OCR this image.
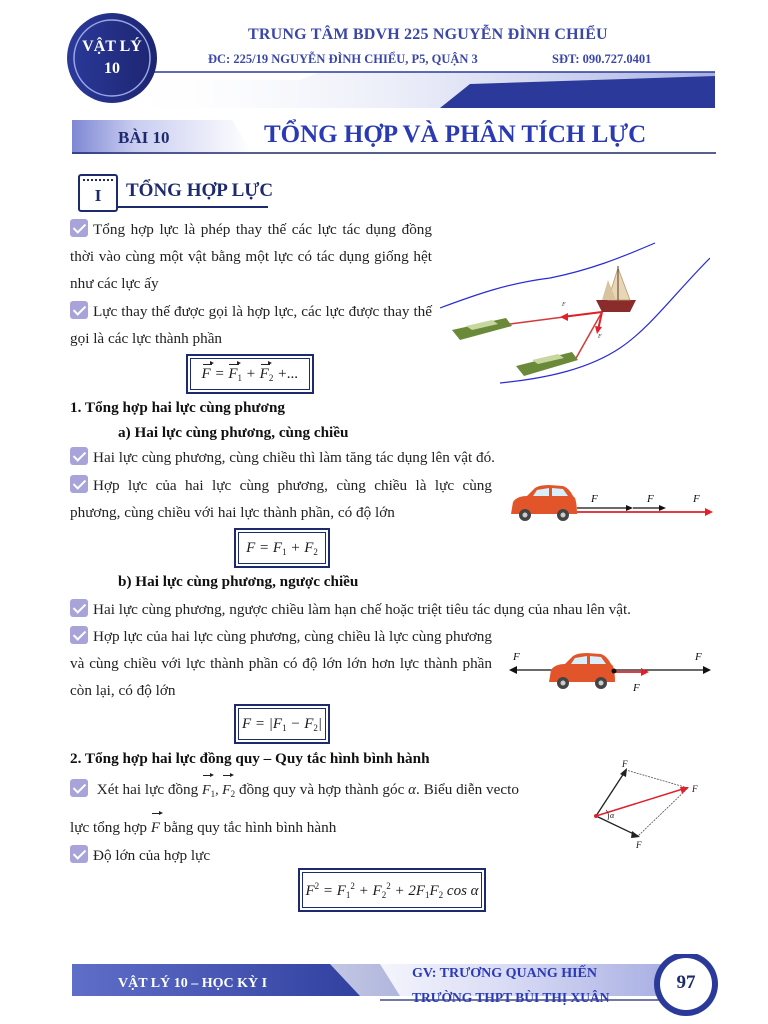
VẬT LÝ
10
TRUNG TÂM BDVH 225 NGUYỄN ĐÌNH CHIỂU
ĐC: 225/19 NGUYỄN ĐÌNH CHIỂU, P5, QUẬN 3	SĐT: 090.727.0401
BÀI 10	TỔNG HỢP VÀ PHÂN TÍCH LỰC
I	TỔNG HỢP LỰC
Tổng hợp lực là phép thay thế các lực tác dụng đồng thời vào cùng một vật bằng một lực có tác dụng giống hệt như các lực ấy
Lực thay thế được gọi là hợp lực, các lực được thay thế gọi là các lực thành phần
$F = F_1 + F_2$ +...
F
F
1. Tổng hợp hai lực cùng phương
a) Hai lực cùng phương, cùng chiều
Hai lực cùng phương, cùng chiều thì làm tăng tác dụng lên vật đó.
Hợp lực của hai lực cùng phương, cùng chiều là lực cùng phương, cùng chiều với hai lực thành phần, có độ lớn
$F = F_1 + F_2$
F	F	F
b) Hai lực cùng phương, ngược chiều
Hai lực cùng phương, ngược chiều làm hạn chế hoặc triệt tiêu tác dụng của nhau lên vật.
Hợp lực của hai lực cùng phương, cùng chiều là lực cùng phương và cùng chiều với lực thành phần có độ lớn lớn hơn lực thành phần còn lại, có độ lớn
$F = |F_1 - F_2|$
F	F
F
2. Tổng hợp hai lực đồng quy – Quy tắc hình bình hành
Xét hai lực đồng $F_1$, $F_2$ đồng quy và hợp thành góc α. Biểu diễn vecto
lực tổng hợp F bằng quy tắc hình bình hành
Độ lớn của hợp lực
$F^2 = F_1^2 + F_2^2 + 2F_1F_2$ cos α
F
F
F
α
VẬT LÝ 10 – HỌC KỲ I
GV: TRƯƠNG QUANG HIẾN
TRƯỜNG THPT BÙI THỊ XUÂN
97
